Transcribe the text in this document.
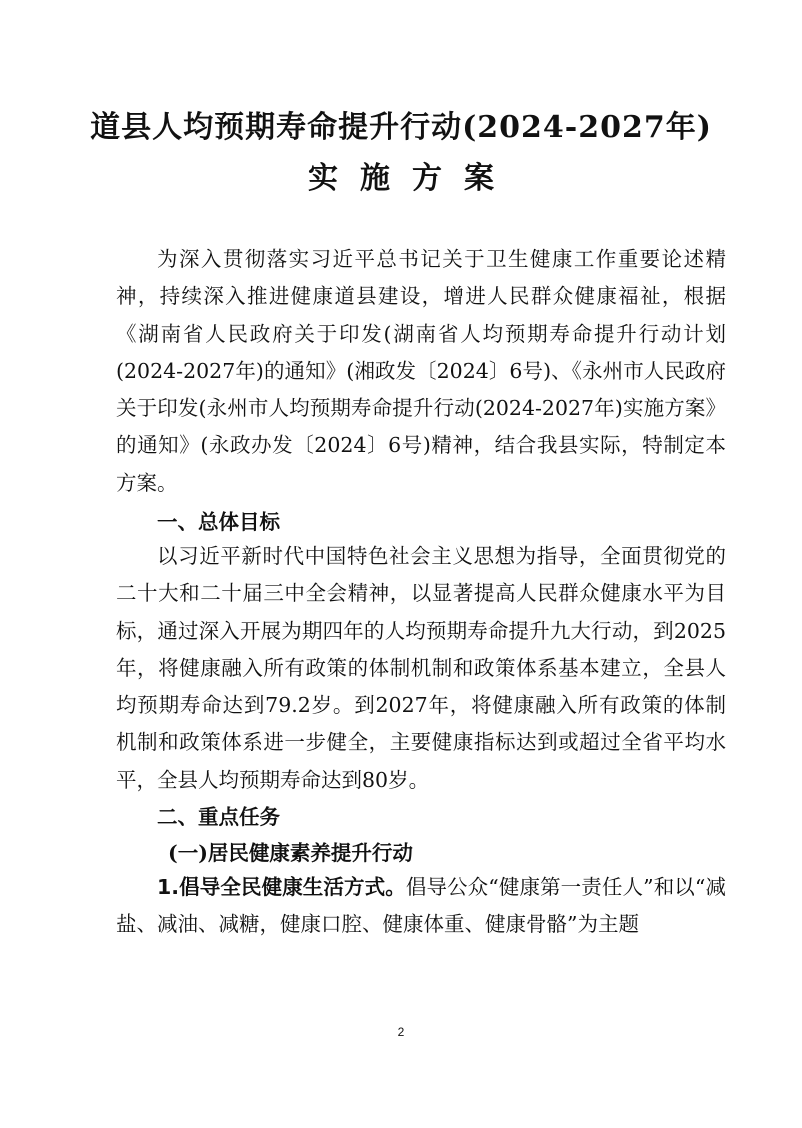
道县人均预期寿命提升行动(2024-2027年)
实施方案
为深入贯彻落实习近平总书记关于卫生健康工作重要论述精神，持续深入推进健康道县建设，增进人民群众健康福祉，根据《湖南省人民政府关于印发(湖南省人均预期寿命提升行动计划(2024-2027年)的通知》(湘政发〔2024〕6号)、《永州市人民政府关于印发(永州市人均预期寿命提升行动(2024-2027年)实施方案》的通知》(永政办发〔2024〕6号)精神，结合我县实际，特制定本方案。
一、总体目标
以习近平新时代中国特色社会主义思想为指导，全面贯彻党的二十大和二十届三中全会精神，以显著提高人民群众健康水平为目标，通过深入开展为期四年的人均预期寿命提升九大行动，到2025年，将健康融入所有政策的体制机制和政策体系基本建立，全县人均预期寿命达到79.2岁。到2027年，将健康融入所有政策的体制机制和政策体系进一步健全，主要健康指标达到或超过全省平均水平，全县人均预期寿命达到80岁。
二、重点任务
(一)居民健康素养提升行动
1.倡导全民健康生活方式。倡导公众“健康第一责任人”和以“减盐、减油、减糖，健康口腔、健康体重、健康骨骼”为主题
2
